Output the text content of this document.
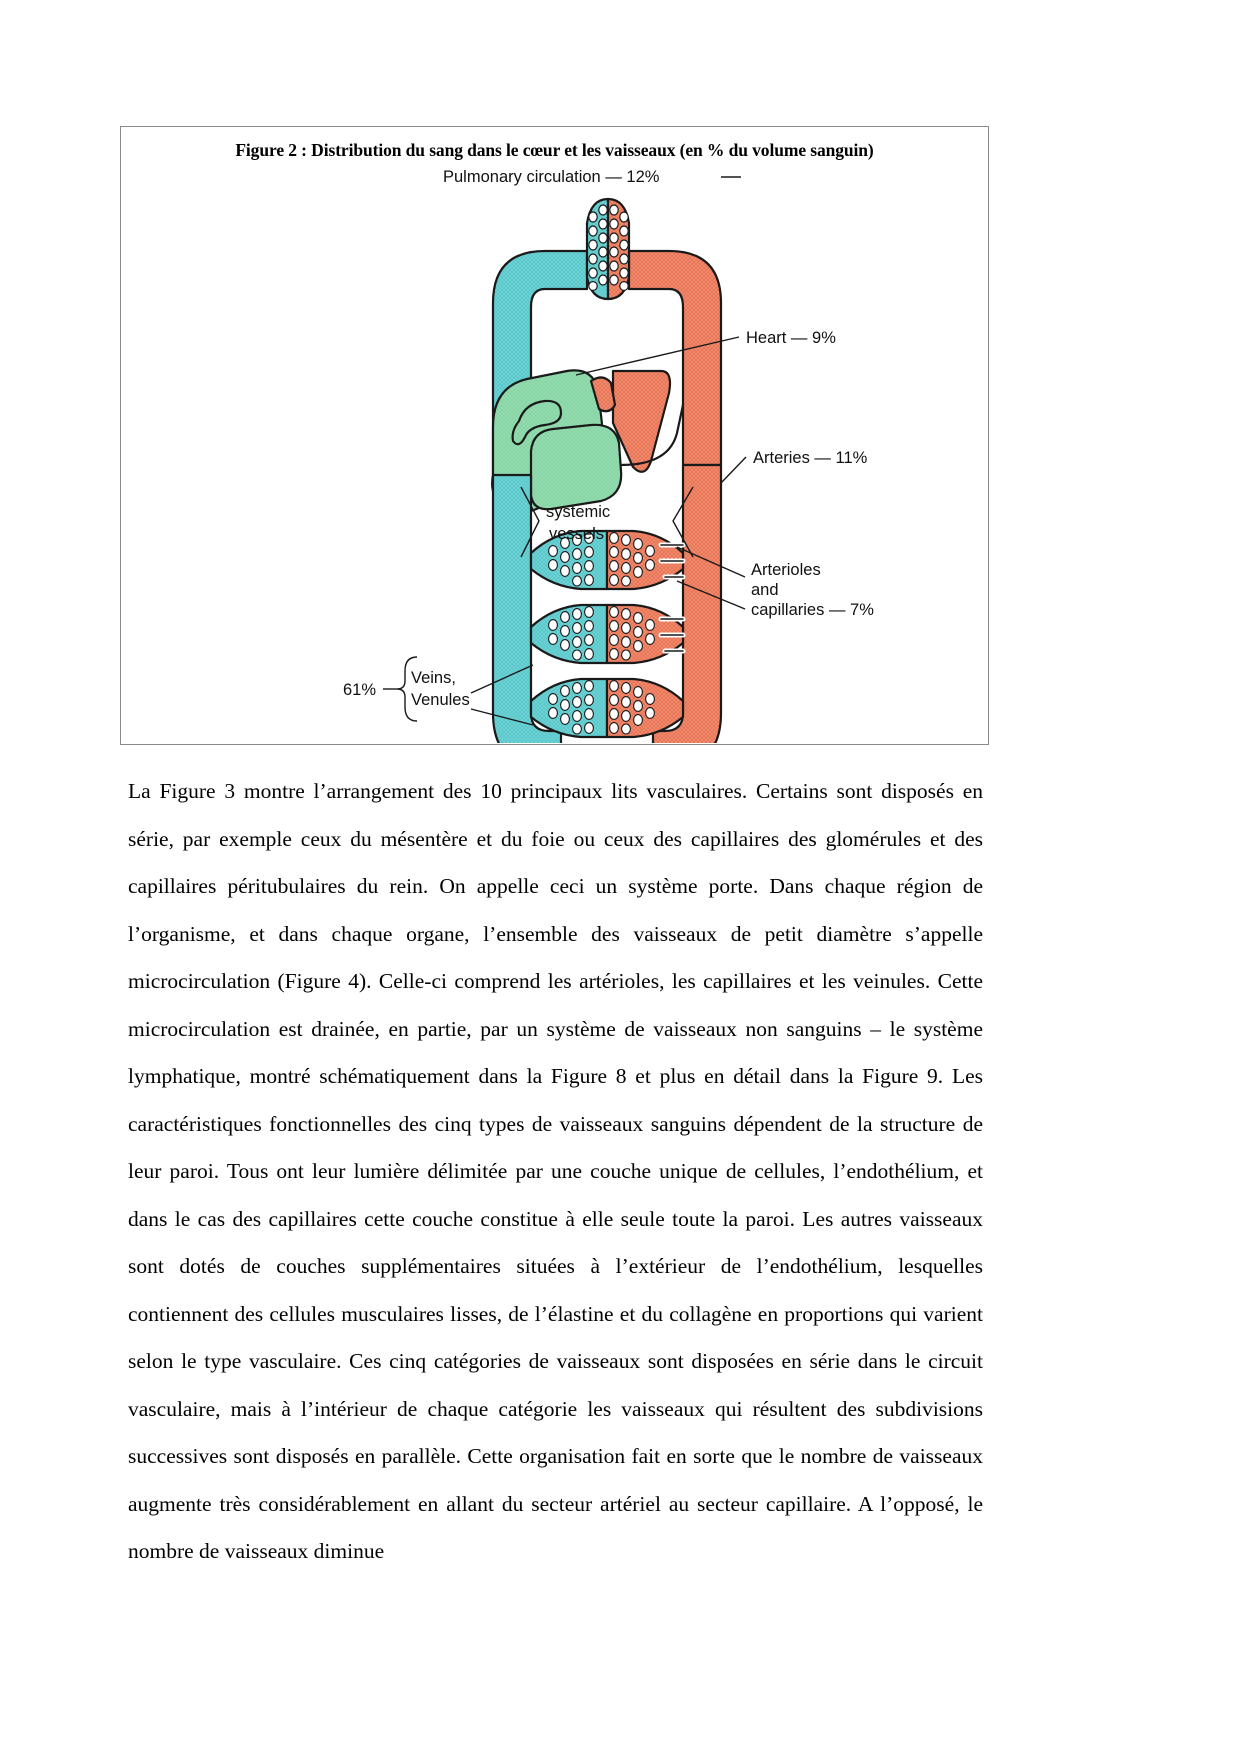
Figure 2 : Distribution du sang dans le cœur et les vaisseaux (en % du volume sanguin)
Pulmonary circulation — 12%
Heart — 9%
Arteries — 11%
systemic
vessels
Arterioles
and
capillaries — 7%
61%
Veins,
Venules

La Figure 3 montre l’arrangement des 10 principaux lits vasculaires. Certains sont disposés en série, par exemple ceux du mésentère et du foie ou ceux des capillaires des glomérules et des capillaires péritubulaires du rein. On appelle ceci un système porte. Dans chaque région de l’organisme, et dans chaque organe, l’ensemble des vaisseaux de petit diamètre s’appelle microcirculation (Figure 4). Celle-ci comprend les artérioles, les capillaires et les veinules. Cette microcirculation est drainée, en partie, par un système de vaisseaux non sanguins – le système lymphatique, montré schématiquement dans la Figure 8 et plus en détail dans la Figure 9. Les caractéristiques fonctionnelles des cinq types de vaisseaux sanguins dépendent de la structure de leur paroi. Tous ont leur lumière délimitée par une couche unique de cellules, l’endothélium, et dans le cas des capillaires cette couche constitue à elle seule toute la paroi. Les autres vaisseaux sont dotés de couches supplémentaires situées à l’extérieur de l’endothélium, lesquelles contiennent des cellules musculaires lisses, de l’élastine et du collagène en proportions qui varient selon le type vasculaire. Ces cinq catégories de vaisseaux sont disposées en série dans le circuit vasculaire, mais à l’intérieur de chaque catégorie les vaisseaux qui résultent des subdivisions successives sont disposés en parallèle. Cette organisation fait en sorte que le nombre de vaisseaux augmente très considérablement en allant du secteur artériel au secteur capillaire. A l’opposé, le nombre de vaisseaux diminue
